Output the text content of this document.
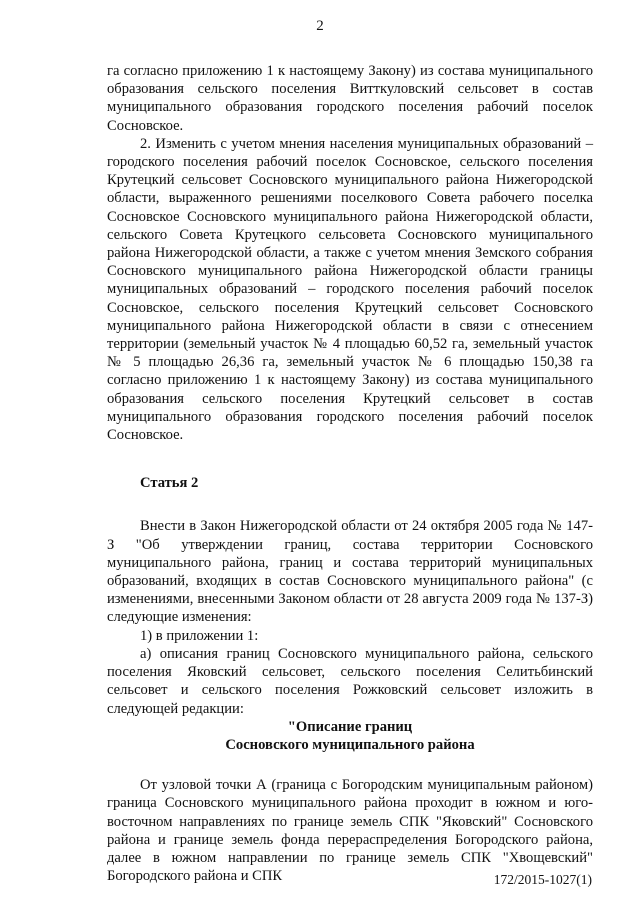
2

га согласно приложению 1 к настоящему Закону) из состава муниципального образования сельского поселения Витткуловский сельсовет в состав муниципального образования городского поселения рабочий поселок Сосновское.

2. Изменить с учетом мнения населения муниципальных образований – городского поселения рабочий поселок Сосновское, сельского поселения Крутецкий сельсовет Сосновского муниципального района Нижегородской области, выраженного решениями поселкового Совета рабочего поселка Сосновское Сосновского муниципального района Нижегородской области, сельского Совета Крутецкого сельсовета Сосновского муниципального района Нижегородской области, а также с учетом мнения Земского собрания Сосновского муниципального района Нижегородской области границы муниципальных образований – городского поселения рабочий поселок Сосновское, сельского поселения Крутецкий сельсовет Сосновского муниципального района Нижегородской области в связи с отнесением территории (земельный участок № 4 площадью 60,52 га, земельный участок № 5 площадью 26,36 га, земельный участок № 6 площадью 150,38 га согласно приложению 1 к настоящему Закону) из состава муниципального образования сельского поселения Крутецкий сельсовет в состав муниципального образования городского поселения рабочий поселок Сосновское.

Статья 2

Внести в Закон Нижегородской области от 24 октября 2005 года № 147-З "Об утверждении границ, состава территории Сосновского муниципального района, границ и состава территорий муниципальных образований, входящих в состав Сосновского муниципального района" (с изменениями, внесенными Законом области от 28 августа 2009 года № 137-З) следующие изменения:

1) в приложении 1:

а) описания границ Сосновского муниципального района, сельского поселения Яковский сельсовет, сельского поселения Селитьбинский сельсовет и сельского поселения Рожковский сельсовет изложить в следующей редакции:

"Описание границ

Сосновского муниципального района

От узловой точки А (граница с Богородским муниципальным районом) граница Сосновского муниципального района проходит в южном и юго-восточном направлениях по границе земель СПК "Яковский" Сосновского района и границе земель фонда перераспределения Богородского района, далее в южном направлении по границе земель СПК "Хвощевский" Богородского района и СПК	172/2015-1027(1)
